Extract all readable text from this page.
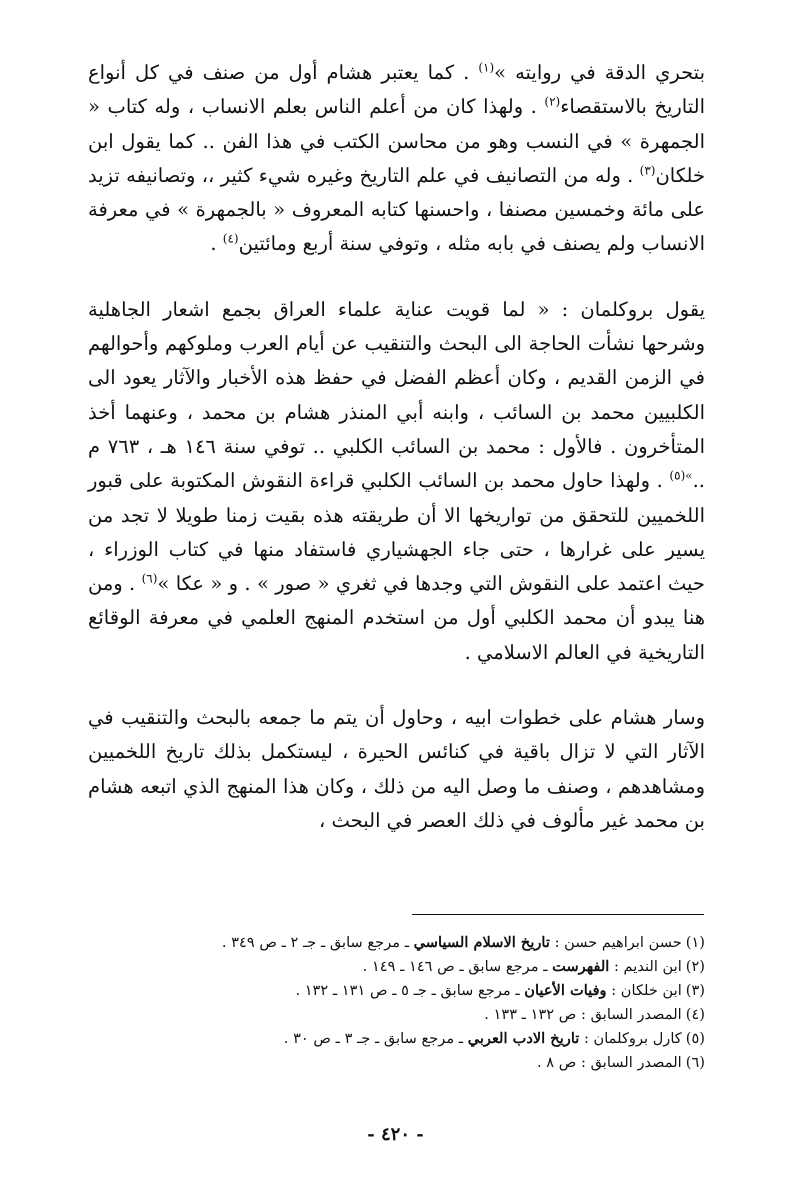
بتحري الدقة في روايته »$^{(١)}$ . كما يعتبر هشام أول من صنف في كل أنواع التاريخ بالاستقصاء$^{(٢)}$ . ولهذا كان من أعلم الناس بعلم الانساب ، وله كتاب « الجمهرة » في النسب وهو من محاسن الكتب في هذا الفن .. كما يقول ابن خلكان$^{(٣)}$ . وله من التصانيف في علم التاريخ وغيره شيء كثير ،، وتصانيفه تزيد على مائة وخمسين مصنفا ، واحسنها كتابه المعروف « بالجمهرة » في معرفة الانساب ولم يصنف في بابه مثله ، وتوفي سنة أربع ومائتين$^{(٤)}$ .

يقول بروكلمان : « لما قويت عناية علماء العراق بجمع اشعار الجاهلية وشرحها نشأت الحاجة الى البحث والتنقيب عن أيام العرب وملوكهم وأحوالهم في الزمن القديم ، وكان أعظم الفضل في حفظ هذه الأخبار والآثار يعود الى الكلبيين محمد بن السائب ، وابنه أبي المنذر هشام بن محمد ، وعنهما أخذ المتأخرون . فالأول : محمد بن السائب الكلبي .. توفي سنة ١٤٦ هـ ، ٧٦٣ م ..$^{»(٥)}$ . ولهذا حاول محمد بن السائب الكلبي قراءة النقوش المكتوبة على قبور اللخميين للتحقق من تواريخها الا أن طريقته هذه بقيت زمنا طويلا لا تجد من يسير على غرارها ، حتى جاء الجهشياري فاستفاد منها في كتاب الوزراء ، حيث اعتمد على النقوش التي وجدها في ثغري « صور » . و « عكا »$^{(٦)}$ . ومن هنا يبدو أن محمد الكلبي أول من استخدم المنهج العلمي في معرفة الوقائع التاريخية في العالم الاسلامي .

وسار هشام على خطوات ابيه ، وحاول أن يتم ما جمعه بالبحث والتنقيب في الآثار التي لا تزال باقية في كنائس الحيرة ، ليستكمل بذلك تاريخ اللخميين ومشاهدهم ، وصنف ما وصل اليه من ذلك ، وكان هذا المنهج الذي اتبعه هشام بن محمد غير مألوف في ذلك العصر في البحث ،

(١)حسن ابراهيم حسن : تاريخ الاسلام السياسي ـ مرجع سابق ـ جـ ٢ ـ ص ٣٤٩ .

(٢)ابن النديم : الفهرست ـ مرجع سابق ـ ص ١٤٦ ـ ١٤٩ .

(٣)ابن خلكان : وفيات الأعيان ـ مرجع سابق ـ جـ ٥ ـ ص ١٣١ ـ ١٣٢ .

(٤)المصدر السابق : ص ١٣٢ ـ ١٣٣ .

(٥)كارل بروكلمان : تاريخ الادب العربي ـ مرجع سابق ـ جـ ٣ ـ ص ٣٠ .

(٦)المصدر السابق : ص ٨ .

- ٤٢٠ -
